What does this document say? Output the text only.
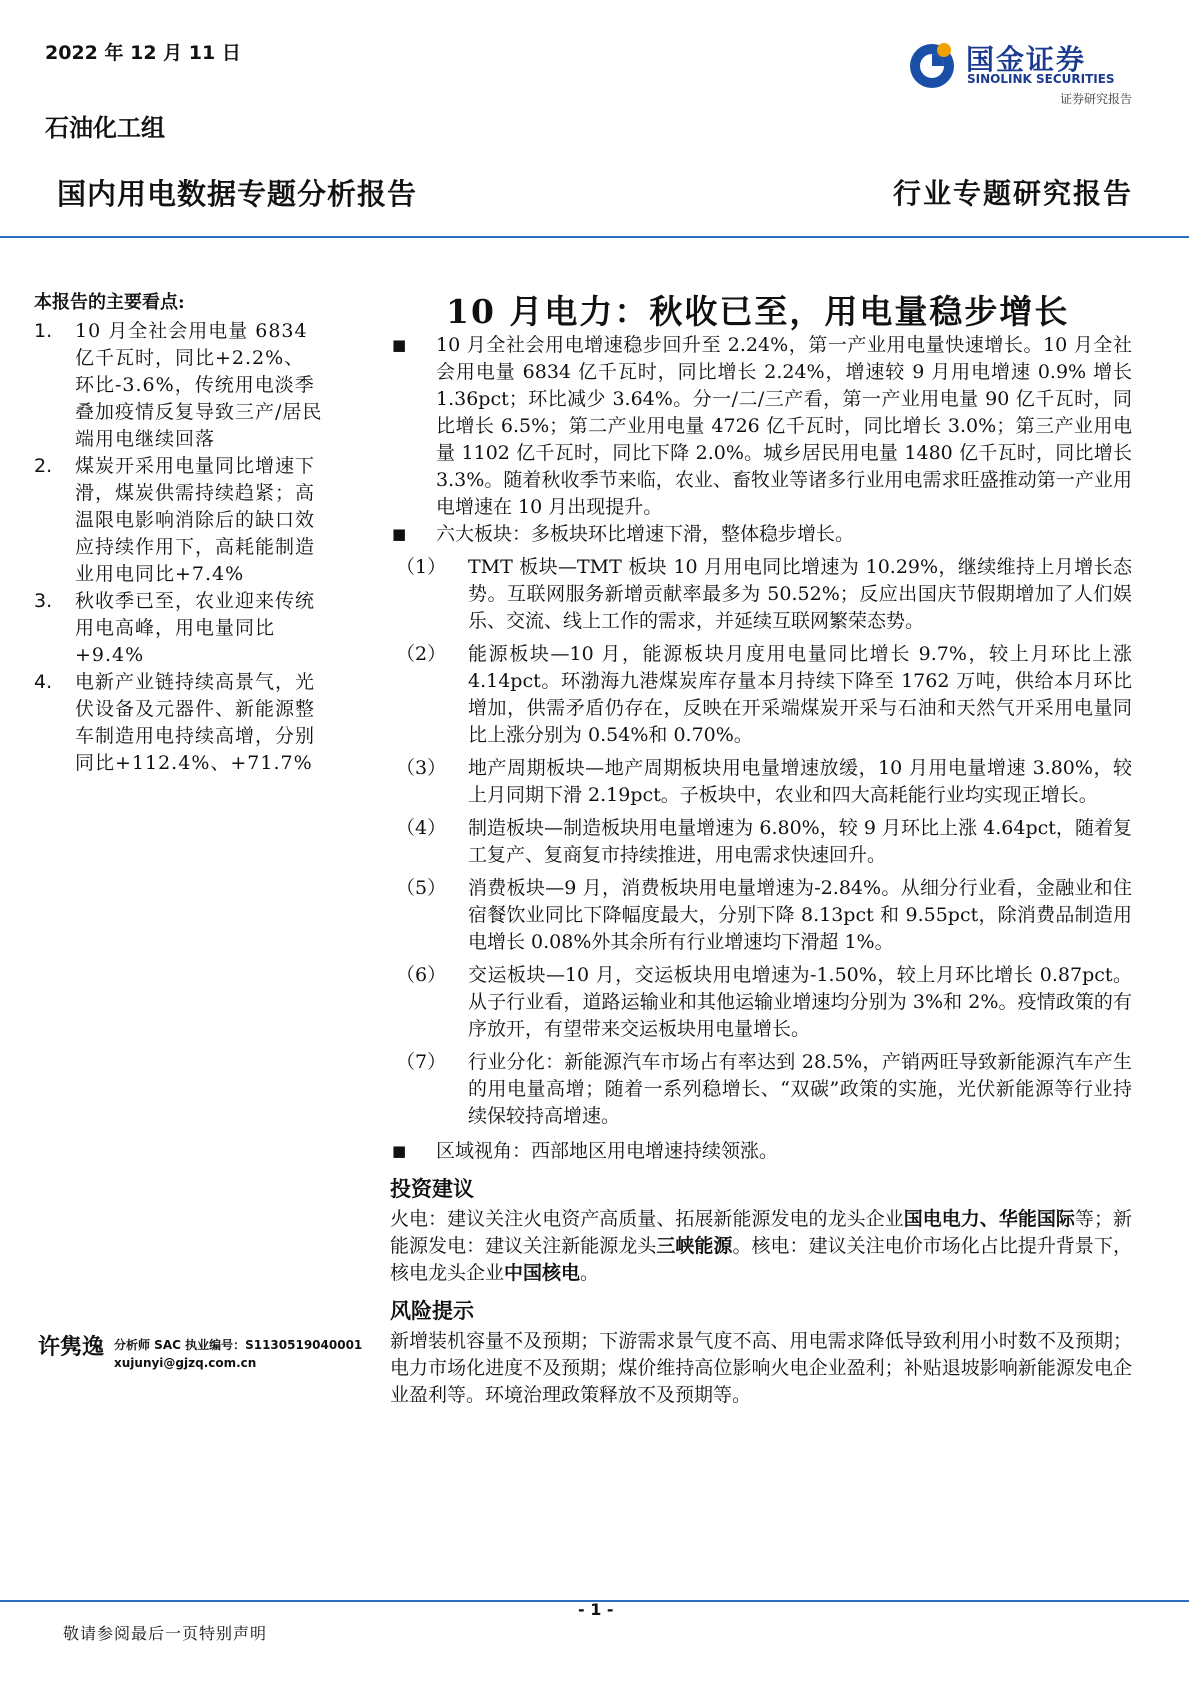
2022 年 12 月 11 日
石油化工组
国内用电数据专题分析报告	行业专题研究报告
国金证券
SINOLINK SECURITIES
证券研究报告
本报告的主要看点:
1.	10 月全社会用电量 6834 亿千瓦时，同比+2.2%、环比-3.6%，传统用电淡季叠加疫情反复导致三产/居民端用电继续回落
2.	煤炭开采用电量同比增速下滑，煤炭供需持续趋紧；高温限电影响消除后的缺口效应持续作用下，高耗能制造业用电同比+7.4%
3.	秋收季已至，农业迎来传统用电高峰，用电量同比+9.4%
4.	电新产业链持续高景气，光伏设备及元器件、新能源整车制造用电持续高增，分别同比+112.4%、+71.7%
许隽逸 分析师 SAC 执业编号：S1130519040001
xujunyi@gjzq.com.cn
10 月电力：秋收已至，用电量稳步增长
■	10 月全社会用电增速稳步回升至 2.24%，第一产业用电量快速增长。10 月全社会用电量 6834 亿千瓦时，同比增长 2.24%，增速较 9 月用电增速 0.9% 增长 1.36pct；环比减少 3.64%。分一/二/三产看，第一产业用电量 90 亿千瓦时，同比增长 6.5%；第二产业用电量 4726 亿千瓦时，同比增长 3.0%；第三产业用电量 1102 亿千瓦时，同比下降 2.0%。城乡居民用电量 1480 亿千瓦时，同比增长 3.3%。随着秋收季节来临，农业、畜牧业等诸多行业用电需求旺盛推动第一产业用电增速在 10 月出现提升。
■	六大板块：多板块环比增速下滑，整体稳步增长。
（1）	TMT 板块—TMT 板块 10 月用电同比增速为 10.29%，继续维持上月增长态势。互联网服务新增贡献率最多为 50.52%；反应出国庆节假期增加了人们娱乐、交流、线上工作的需求，并延续互联网繁荣态势。
（2）	能源板块—10 月，能源板块月度用电量同比增长 9.7%，较上月环比上涨 4.14pct。环渤海九港煤炭库存量本月持续下降至 1762 万吨，供给本月环比增加，供需矛盾仍存在，反映在开采端煤炭开采与石油和天然气开采用电量同比上涨分别为 0.54%和 0.70%。
（3）	地产周期板块—地产周期板块用电量增速放缓，10 月用电量增速 3.80%，较上月同期下滑 2.19pct。子板块中，农业和四大高耗能行业均实现正增长。
（4）	制造板块—制造板块用电量增速为 6.80%，较 9 月环比上涨 4.64pct，随着复工复产、复商复市持续推进，用电需求快速回升。
（5）	消费板块—9 月，消费板块用电量增速为-2.84%。从细分行业看，金融业和住宿餐饮业同比下降幅度最大，分别下降 8.13pct 和 9.55pct，除消费品制造用电增长 0.08%外其余所有行业增速均下滑超 1%。
（6）	交运板块—10 月，交运板块用电增速为-1.50%，较上月环比增长 0.87pct。从子行业看，道路运输业和其他运输业增速均分别为 3%和 2%。疫情政策的有序放开，有望带来交运板块用电量增长。
（7）	行业分化：新能源汽车市场占有率达到 28.5%，产销两旺导致新能源汽车产生的用电量高增；随着一系列稳增长、“双碳”政策的实施，光伏新能源等行业持续保较持高增速。
■	区域视角：西部地区用电增速持续领涨。
投资建议
火电：建议关注火电资产高质量、拓展新能源发电的龙头企业国电电力、华能国际等；新能源发电：建议关注新能源龙头三峡能源。核电：建议关注电价市场化占比提升背景下，核电龙头企业中国核电。
风险提示
新增装机容量不及预期；下游需求景气度不高、用电需求降低导致利用小时数不及预期；电力市场化进度不及预期；煤价维持高位影响火电企业盈利；补贴退坡影响新能源发电企业盈利等。环境治理政策释放不及预期等。
- 1 -
敬请参阅最后一页特别声明
